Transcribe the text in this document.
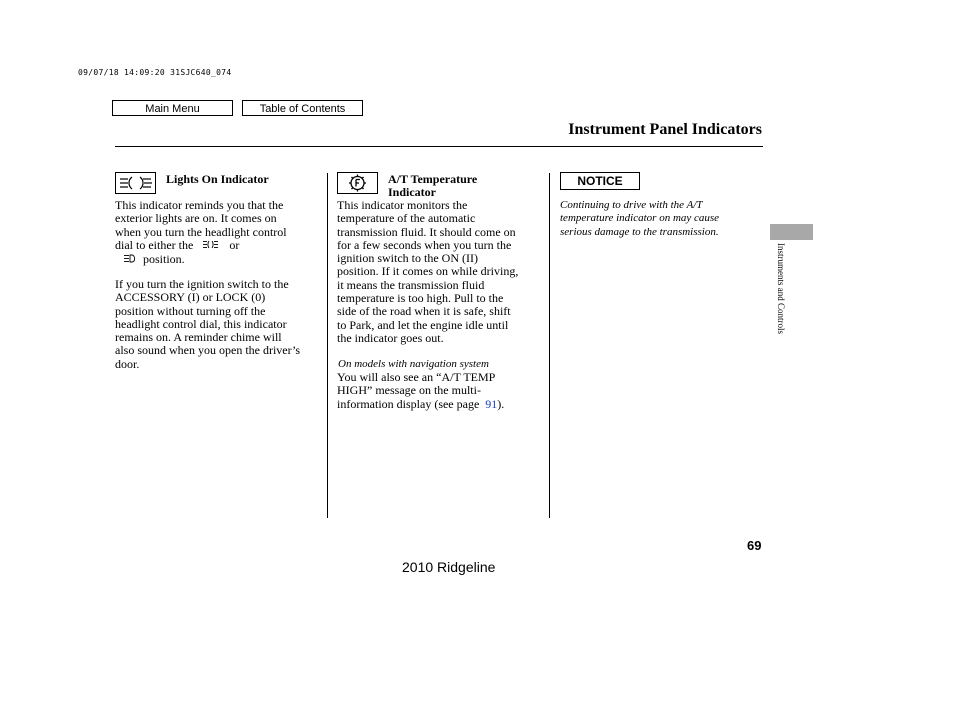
09/07/18 14:09:20 31SJC640_074
Main Menu	Table of Contents
Instrument Panel Indicators
Instruments and Controls
Lights On Indicator
This indicator reminds you that the
exterior lights are on. It comes on
when you turn the headlight control
dial to either the	or
position.
If you turn the ignition switch to the
ACCESSORY (I) or LOCK (0)
position without turning off the
headlight control dial, this indicator
remains on. A reminder chime will
also sound when you open the driver’s
door.
A/T Temperature
Indicator
This indicator monitors the
temperature of the automatic
transmission fluid. It should come on
for a few seconds when you turn the
ignition switch to the ON (II)
position. If it comes on while driving,
it means the transmission fluid
temperature is too high. Pull to the
side of the road when it is safe, shift
to Park, and let the engine idle until
the indicator goes out.
On models with navigation system
You will also see an “A/T TEMP
HIGH” message on the multi-
information display (see page 91).
NOTICE
Continuing to drive with the A/T
temperature indicator on may cause
serious damage to the transmission.
69
2010 Ridgeline
